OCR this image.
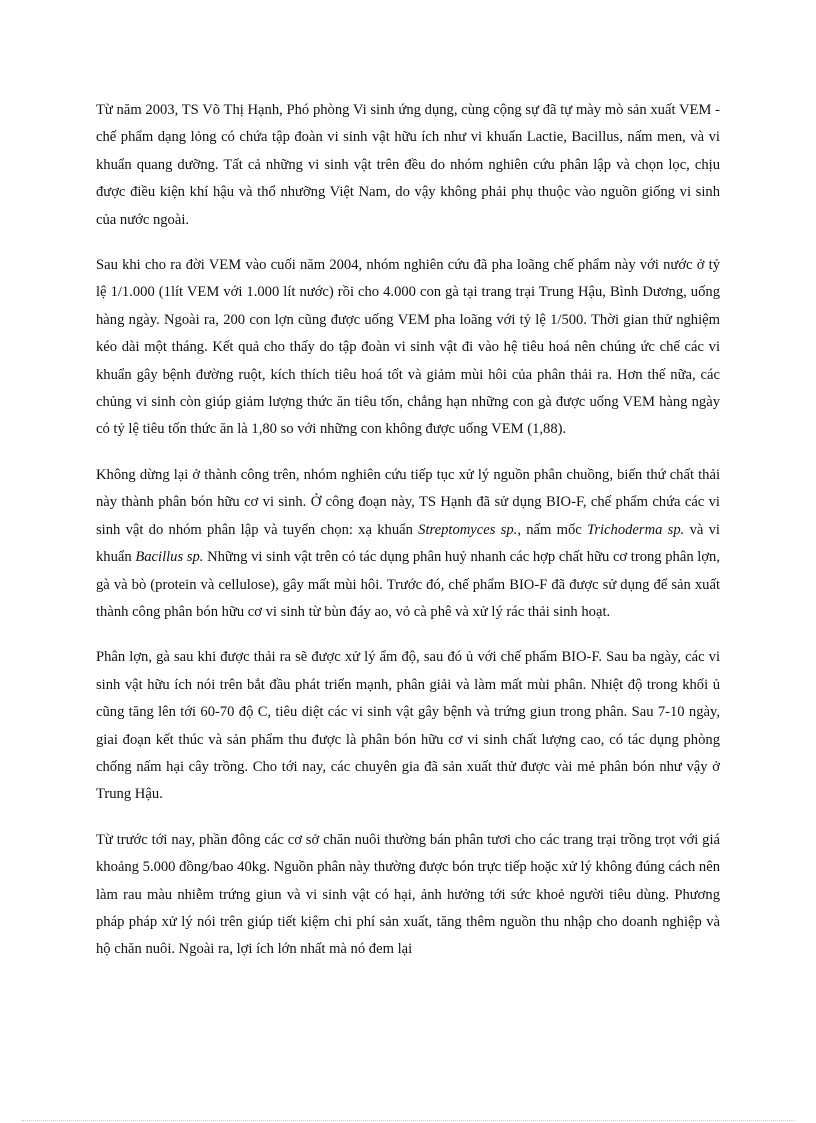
Từ năm 2003, TS Võ Thị Hạnh, Phó phòng Vi sinh ứng dụng, cùng cộng sự đã tự mày mò sản xuất VEM - chế phẩm dạng lỏng có chứa tập đoàn vi sinh vật hữu ích như vi khuẩn Lactie, Bacillus, nấm men, và vi khuẩn quang dưỡng. Tất cả những vi sinh vật trên đều do nhóm nghiên cứu phân lập và chọn lọc, chịu được điều kiện khí hậu và thổ nhưỡng Việt Nam, do vậy không phải phụ thuộc vào nguồn giống vi sinh của nước ngoài.

Sau khi cho ra đời VEM vào cuối năm 2004, nhóm nghiên cứu đã pha loãng chế phẩm này với nước ở tỷ lệ 1/1.000 (1lít VEM với 1.000 lít nước) rồi cho 4.000 con gà tại trang trại Trung Hậu, Bình Dương, uống hàng ngày. Ngoài ra, 200 con lợn cũng được uống VEM pha loãng với tỷ lệ 1/500. Thời gian thử nghiệm kéo dài một tháng. Kết quả cho thấy do tập đoàn vi sinh vật đi vào hệ tiêu hoá nên chúng ức chế các vi khuẩn gây bệnh đường ruột, kích thích tiêu hoá tốt và giảm mùi hôi của phân thải ra. Hơn thế nữa, các chủng vi sinh còn giúp giảm lượng thức ăn tiêu tốn, chẳng hạn những con gà được uống VEM hàng ngày có tỷ lệ tiêu tốn thức ăn là 1,80 so với những con không được uống VEM (1,88).

Không dừng lại ở thành công trên, nhóm nghiên cứu tiếp tục xử lý nguồn phân chuồng, biến thứ chất thải này thành phân bón hữu cơ vi sinh. Ở công đoạn này, TS Hạnh đã sử dụng BIO-F, chế phẩm chứa các vi sinh vật do nhóm phân lập và tuyển chọn: xạ khuẩn Streptomyces sp., nấm mốc Trichoderma sp. và vi khuẩn Bacillus sp. Những vi sinh vật trên có tác dụng phân huỷ nhanh các hợp chất hữu cơ trong phân lợn, gà và bò (protein và cellulose), gây mất mùi hôi. Trước đó, chế phẩm BIO-F đã được sử dụng để sản xuất thành công phân bón hữu cơ vi sinh từ bùn đáy ao, vỏ cà phê và xử lý rác thải sinh hoạt.

Phân lợn, gà sau khi được thải ra sẽ được xử lý ẩm độ, sau đó ủ với chế phẩm BIO-F. Sau ba ngày, các vi sinh vật hữu ích nói trên bắt đầu phát triển mạnh, phân giải và làm mất mùi phân. Nhiệt độ trong khối ủ cũng tăng lên tới 60-70 độ C, tiêu diệt các vi sinh vật gây bệnh và trứng giun trong phân. Sau 7-10 ngày, giai đoạn kết thúc và sản phẩm thu được là phân bón hữu cơ vi sinh chất lượng cao, có tác dụng phòng chống nấm hại cây trồng. Cho tới nay, các chuyên gia đã sản xuất thử được vài mẻ phân bón như vậy ở Trung Hậu.

Từ trước tới nay, phần đông các cơ sở chăn nuôi thường bán phân tươi cho các trang trại trồng trọt với giá khoảng 5.000 đồng/bao 40kg. Nguồn phân này thường được bón trực tiếp hoặc xử lý không đúng cách nên làm rau màu nhiễm trứng giun và vi sinh vật có hại, ảnh hưởng tới sức khoẻ người tiêu dùng. Phương pháp pháp xử lý nói trên giúp tiết kiệm chi phí sản xuất, tăng thêm nguồn thu nhập cho doanh nghiệp và hộ chăn nuôi. Ngoài ra, lợi ích lớn nhất mà nó đem lại
